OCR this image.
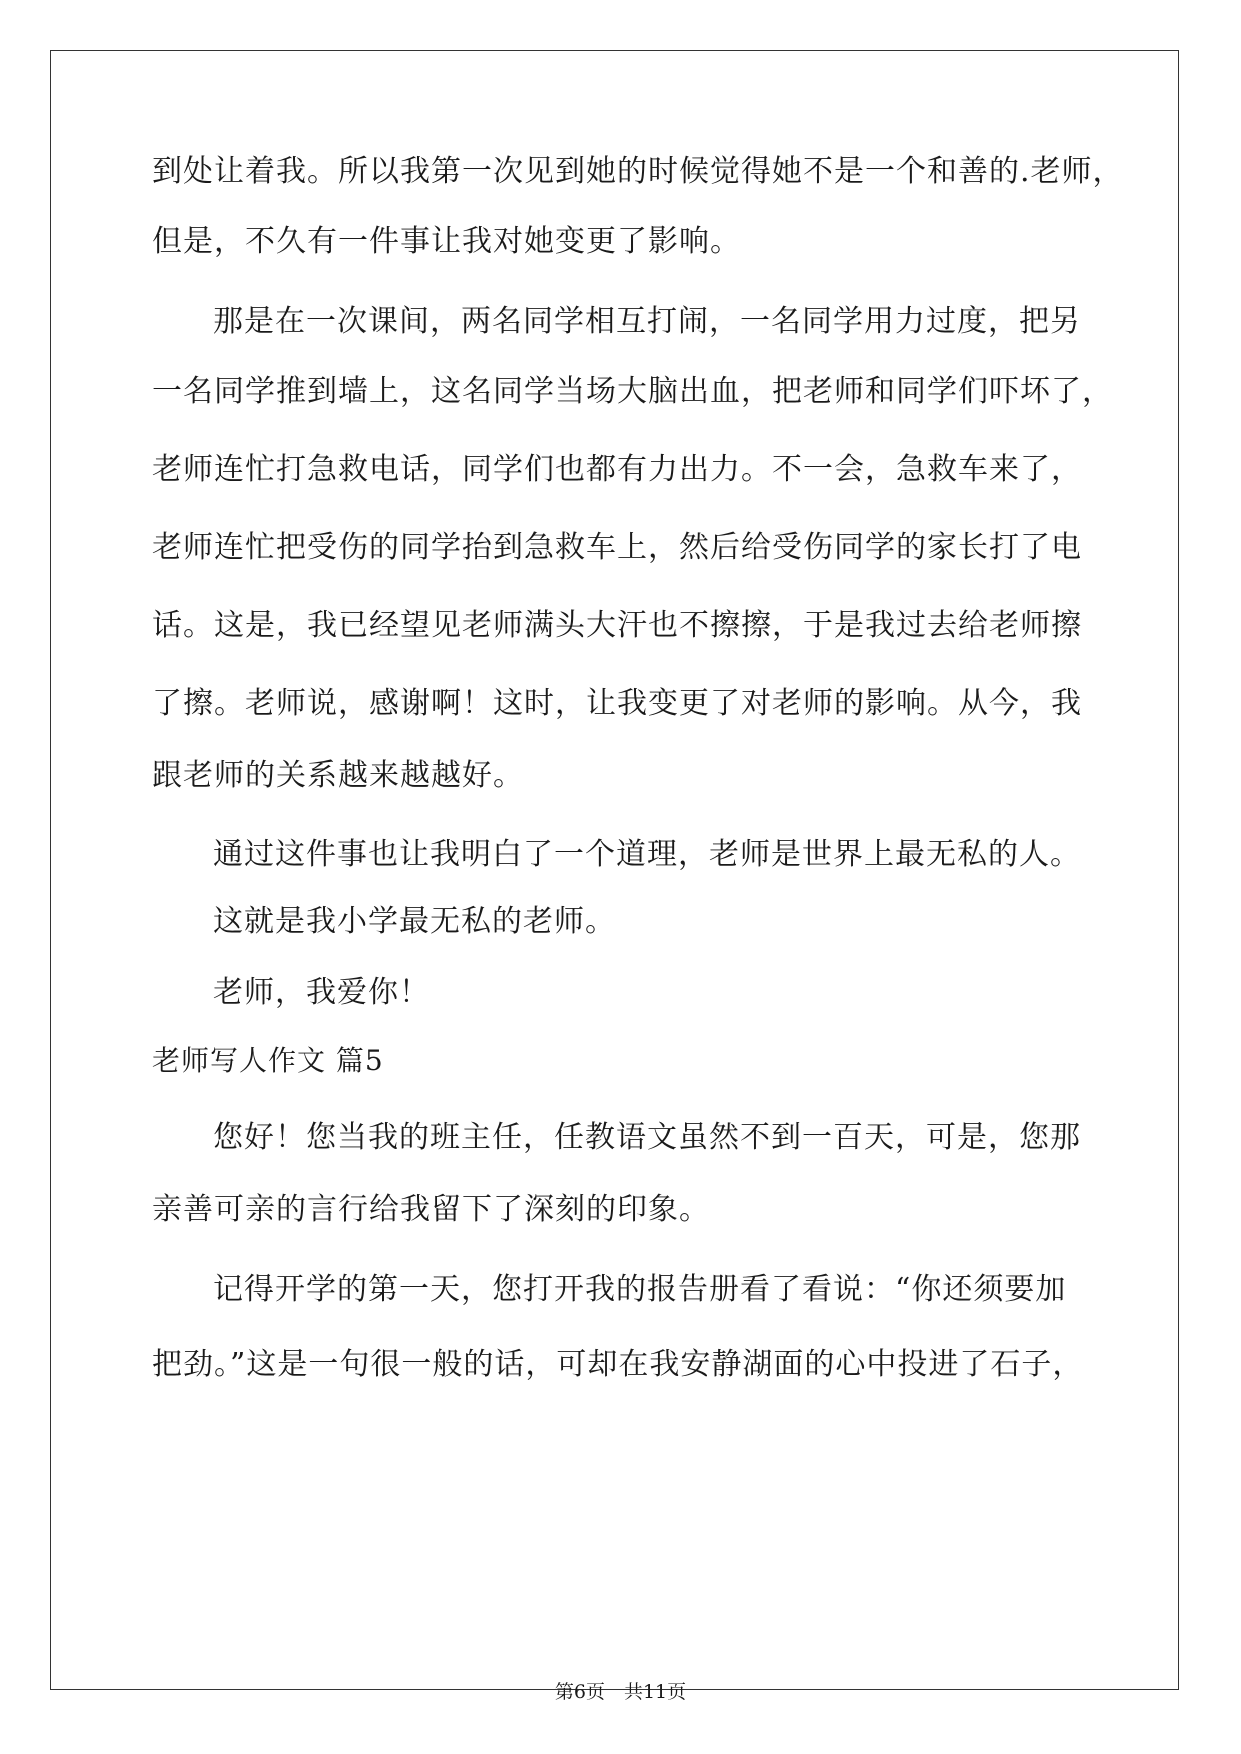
到处让着我。所以我第一次见到她的时候觉得她不是一个和善的.老师，
但是，不久有一件事让我对她变更了影响。
那是在一次课间，两名同学相互打闹，一名同学用力过度，把另
一名同学推到墙上，这名同学当场大脑出血，把老师和同学们吓坏了，
老师连忙打急救电话，同学们也都有力出力。不一会，急救车来了，
老师连忙把受伤的同学抬到急救车上，然后给受伤同学的家长打了电
话。这是，我已经望见老师满头大汗也不擦擦，于是我过去给老师擦
了擦。老师说，感谢啊！这时，让我变更了对老师的影响。从今，我
跟老师的关系越来越越好。
通过这件事也让我明白了一个道理，老师是世界上最无私的人。
这就是我小学最无私的老师。
老师，我爱你！
老师写人作文 篇5
您好！您当我的班主任，任教语文虽然不到一百天，可是，您那
亲善可亲的言行给我留下了深刻的印象。
记得开学的第一天，您打开我的报告册看了看说：“你还须要加
把劲。”这是一句很一般的话，可却在我安静湖面的心中投进了石子，
第6页　共11页
